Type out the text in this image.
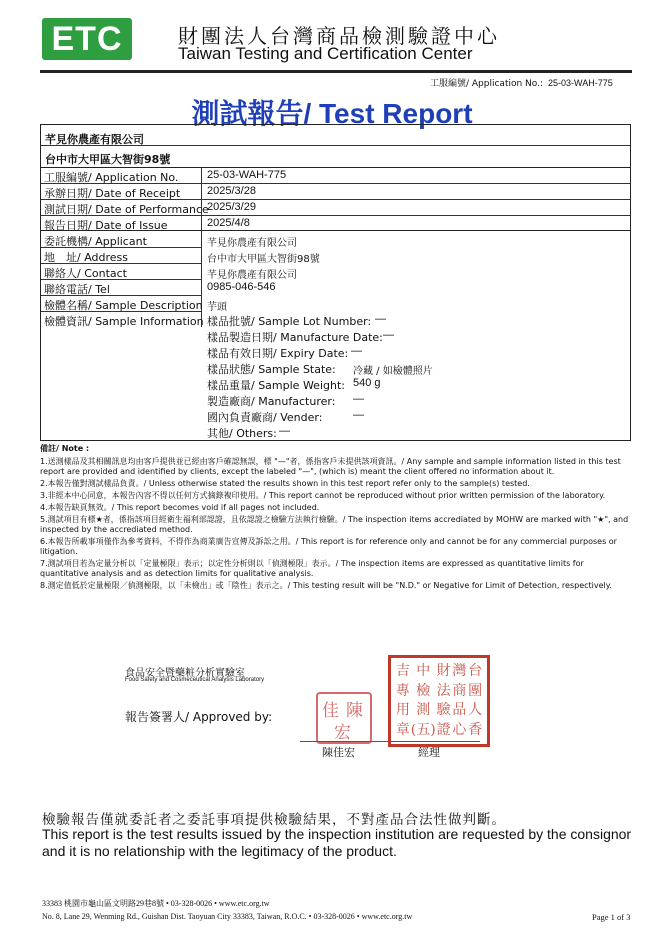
ETC	財團法人台灣商品檢測驗證中心
Taiwan Testing and Certification Center
工服編號/ Application No.: 25-03-WAH-775
測試報告/ Test Report
芊見你農產有限公司
台中市大甲區大智街98號
工服編號/ Application No.	25-03-WAH-775
承辦日期/ Date of Receipt 2025/3/28
測試日期/ Date of Performance
2025/3/29
報告日期/ Date of Issue	2025/4/8
委託機構/ Applicant	芊見你農產有限公司
地　址/ Address	台中市大甲區大智街98號
聯絡人/ Contact	芊見你農產有限公司
聯絡電話/ Tel	0985-046-546
檢體名稱/ Sample Description 芋頭
檢體資訊/ Sample Information 樣品批號/ Sample Lot Number: —
樣品製造日期/ Manufacture Date: —
樣品有效日期/ Expiry Date: —
樣品狀態/ Sample State: 冷藏 / 如檢體照片
樣品重量/ Sample Weight: 540 g
製造廠商/ Manufacturer: —
國內負責廠商/ Vender:	—
其他/ Others: —
備註/ Note :
1.送測樣品及其相關訊息均由客戶提供並已經由客戶確認無誤，標 "—"者，係指客戶未提供該項資訊。/ Any sample and sample information listed in this test report are provided and identified by clients, except the labeled "—", (which is) meant the client offered no information about it.
2.本報告僅對測試樣品負責。/ Unless otherwise stated the results shown in this test report refer only to the sample(s) tested.
3.非經本中心同意，本報告內容不得以任何方式摘錄複印使用。/ This report cannot be reproduced without prior written permission of the laboratory.
4.本報告缺頁無效。/ This report becomes void if all pages not included.
5.測試項目有標★者，係指該項目經衛生福利部認證，且依認證之檢驗方法執行檢驗。/ The inspection items accrediated by MOHW are marked with "★", and inspected by the accrediated method.
6.本報告所載事項僅作為參考資料，不得作為商業廣告宣傳及訴訟之用。/ This report is for reference only and cannot be for any commercial purposes or litigation.
7.測試項目若為定量分析以「定量極限」表示；以定性分析則以「偵測極限」表示。/ The inspection items are expressed as quantitative limits for quantitative analysis and as detection limits for qualitative analysis.
8.測定值低於定量極限／偵測極限，以「未檢出」或「陰性」表示之。/ This testing result will be "N.D." or Negative for Limit of Detection, respectively.
食品安全暨藥粧分析實驗室
Food Safety and Cosmeceutical Analysis Laboratory
報告簽署人/ Approved by:	陳
佳
宏
吉 中 財 灣 台
專 檢 法 商 團
用 測 驗 品 人
章 (五) 證 心 香
陳佳宏	經理
檢驗報告僅就委託者之委託事項提供檢驗結果，不對產品合法性做判斷。
This report is the test results issued by the inspection institution are requested by the consignor and it is no relationship with the legitimacy of the product.
33383 桃園市龜山區文明路29巷8號 • 03-328-0026 • www.etc.org.tw
No. 8, Lane 29, Wenming Rd., Guishan Dist. Taoyuan City 33383, Taiwan, R.O.C. • 03-328-0026 • www.etc.org.tw	Page 1 of 3
